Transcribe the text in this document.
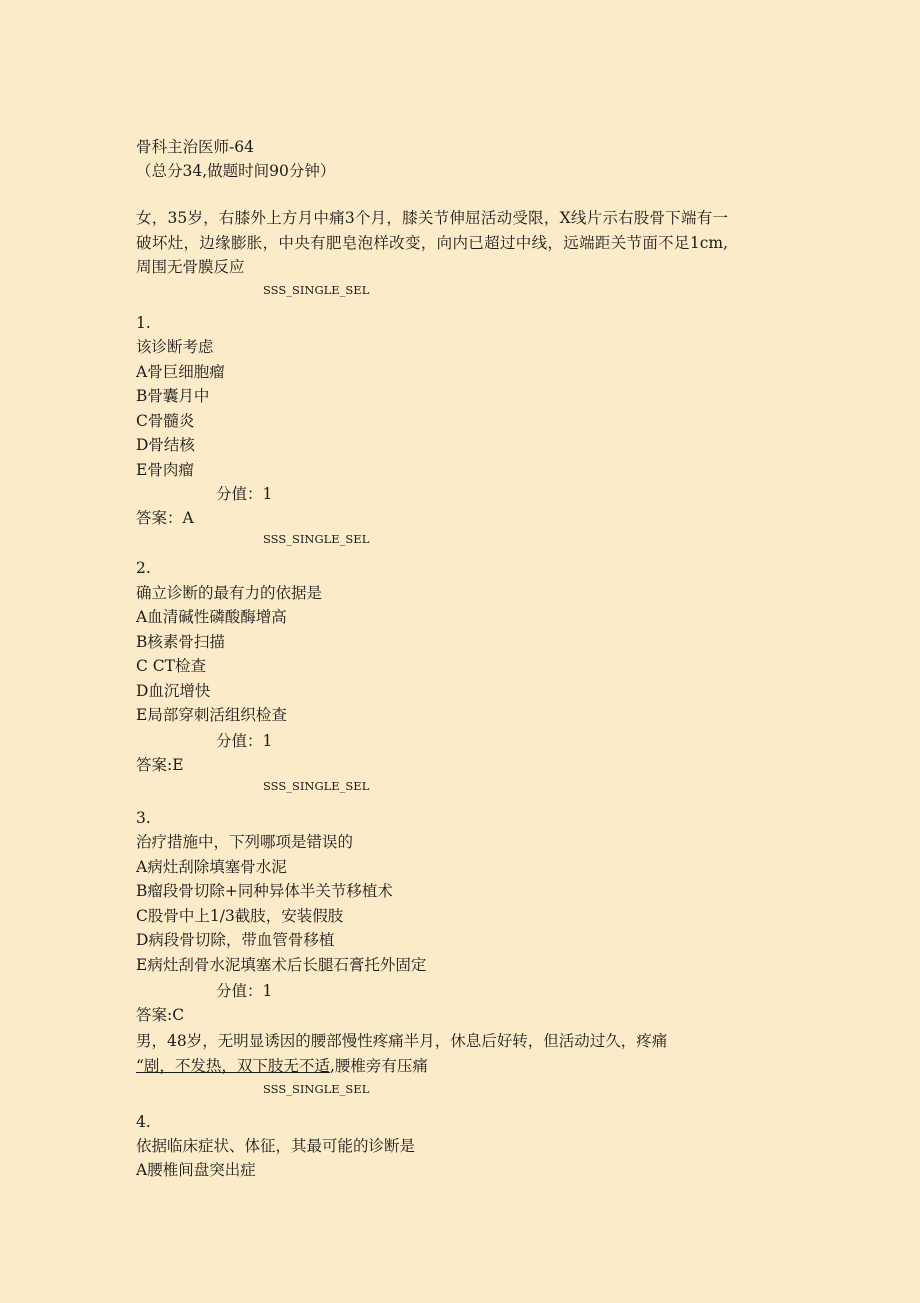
骨科主治医师-64
（总分34,做题时间90分钟）
女，35岁，右膝外上方月中痛3个月，膝关节伸屈活动受限，X线片示右股骨下端有一破坏灶，边缘膨胀，中央有肥皂泡样改变，向内已超过中线，远端距关节面不足1cm,周围无骨膜反应
SSS_SINGLE_SEL
1.
该诊断考虑
A骨巨细胞瘤
B骨囊月中
C骨髓炎
D骨结核
E骨肉瘤
分值：1
答案：A
SSS_SINGLE_SEL
2.
确立诊断的最有力的依据是
A血清碱性磷酸酶增高
B核素骨扫描
C CT检查
D血沉增快
E局部穿刺活组织检查
分值：1
答案:E
SSS_SINGLE_SEL
3.
治疗措施中，下列哪项是错误的
A病灶刮除填塞骨水泥
B瘤段骨切除+同种异体半关节移植术
C股骨中上1/3截肢，安装假肢
D病段骨切除，带血管骨移植
E病灶刮骨水泥填塞术后长腿石膏托外固定
分值：1
答案:C
男，48岁，无明显诱因的腰部慢性疼痛半月，休息后好转，但活动过久，疼痛
“剧，不发热，双下肢无不适,腰椎旁有压痛
SSS_SINGLE_SEL
4.
依据临床症状、体征，其最可能的诊断是
A腰椎间盘突出症
